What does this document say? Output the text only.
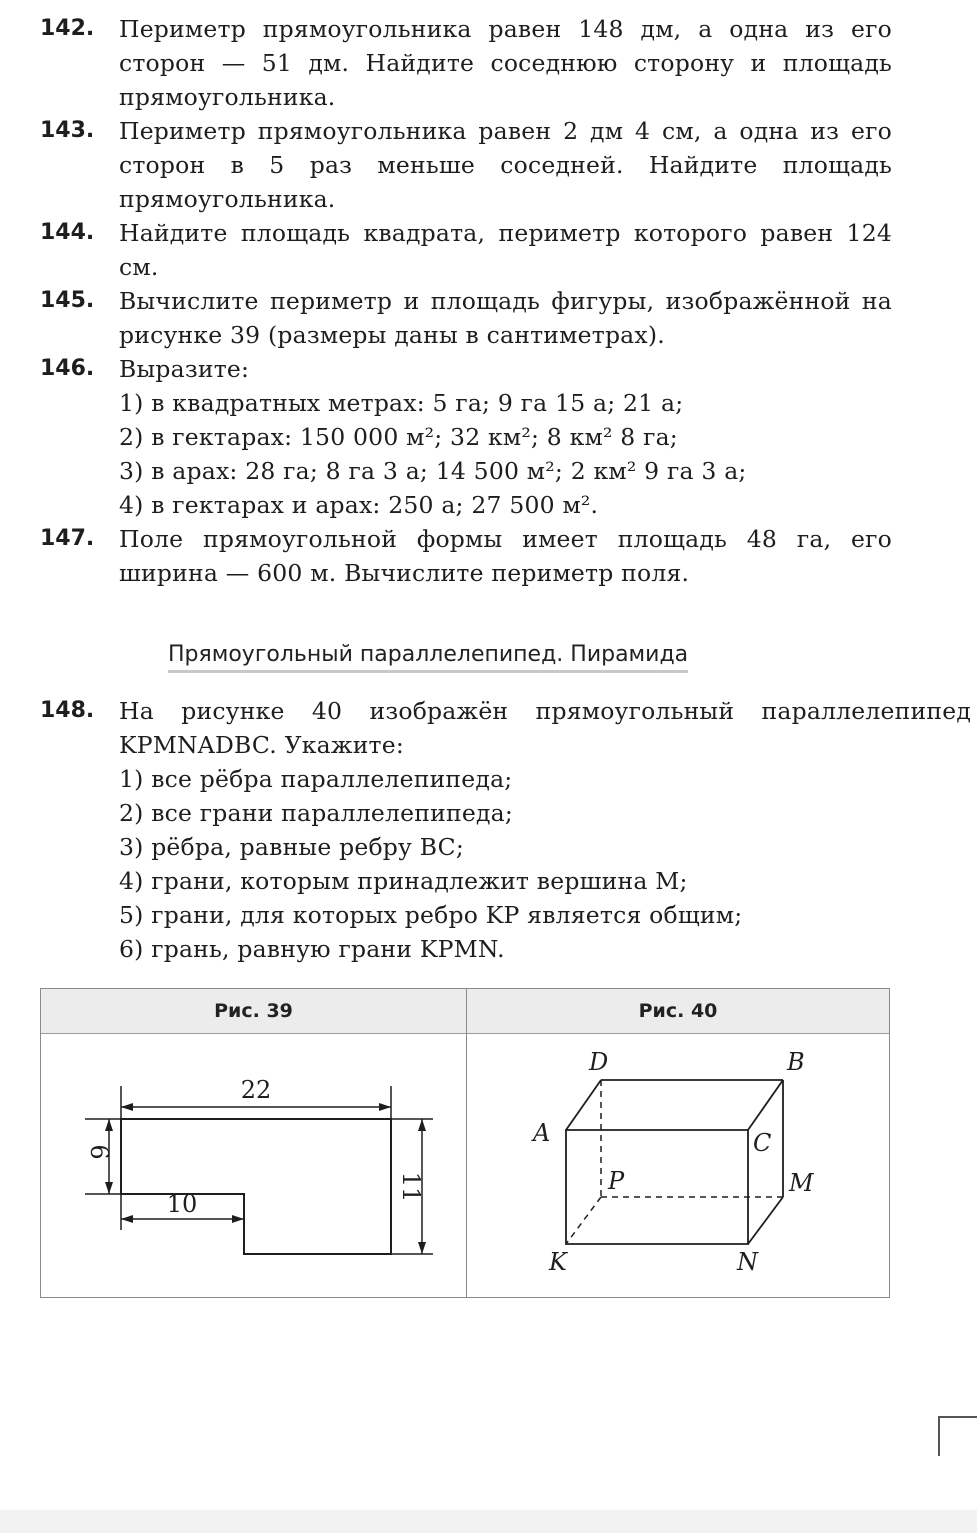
142. Периметр прямоугольника равен 148 дм, а одна из его сторон — 51 дм. Найдите соседнюю сторону и площадь прямоугольника.
143. Периметр прямоугольника равен 2 дм 4 см, а одна из его сторон в 5 раз меньше соседней. Найдите площадь прямоугольника.
144. Найдите площадь квадрата, периметр которого равен 124 см.
145. Вычислите периметр и площадь фигуры, изображённой на рисунке 39 (размеры даны в сантиметрах).
146. Выразите:
1) в квадратных метрах: 5 га; 9 га 15 а; 21 а;
2) в гектарах: 150 000 м²; 32 км²; 8 км² 8 га;
3) в арах: 28 га; 8 га 3 а; 14 500 м²; 2 км² 9 га 3 а;
4) в гектарах и арах: 250 а; 27 500 м².
147. Поле прямоугольной формы имеет площадь 48 га, его ширина — 600 м. Вычислите периметр поля.
Прямоугольный параллелепипед. Пирамида
148. На рисунке 40 изображён прямоугольный параллелепипед KPMNADBC. Укажите:
1) все рёбра параллелепипеда;
2) все грани параллелепипеда;
3) рёбра, равные ребру BC;
4) грани, которым принадлежит вершина M;
5) грани, для которых ребро KP является общим;
6) грань, равную грани KPMN.
Рис. 39
22
6
10
11
Рис. 40
D	B
A	C
P	M
K	N
